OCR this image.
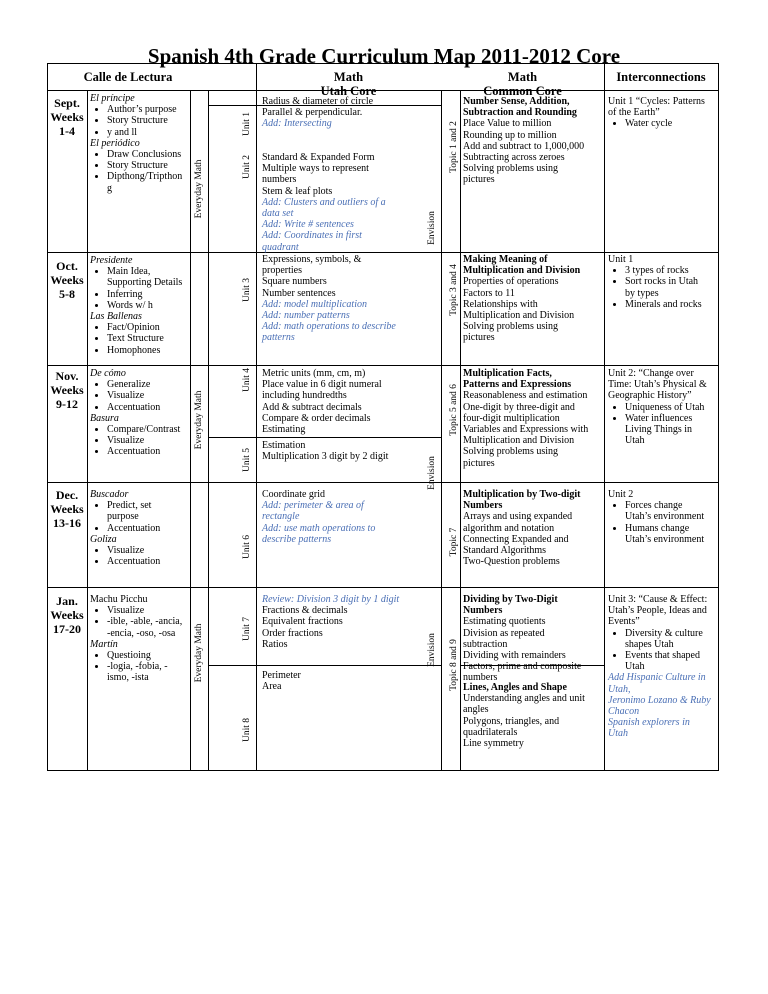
Spanish 4th Grade Curriculum Map 2011-2012 Core
Calle de Lectura	Math
Utah Core
Math
Common Core
Interconnections
Sept.
Weeks
1-4
Oct.
Weeks
5-8
Nov.
Weeks
9-12
Dec.
Weeks
13-16
Jan.
Weeks
17-20
El príncipe
• Author’s purpose
• Story Structure
• y and ll
El periódico
• Draw Conclusions
• Story Structure
• Dipthong/Tripthon
g
Presidente
• Main Idea,
Supporting Details
• Inferring
• Words w/ h
Las Ballenas
• Fact/Opinion
• Text Structure
• Homophones
De cómo
• Generalize
• Visualize
• Accentuation
Basura
• Compare/Contrast
• Visualize
• Accentuation
Buscador
• Predict, set
purpose
• Accentuation
Goliza
• Visualize
• Accentuation
Machu Picchu
• Visualize
• -ible, -able, -ancia,
-encia, -oso, -osa
Martín
• Questioing
• -logia, -fobia, -
ismo, -ista
Everyday Math
Everyday Math
Everyday Math
Unit 1
Unit 2
Unit 3
Unit 4
Unit 5
Unit 6
Unit 7
Unit 8
Radius & diameter of circle
Parallel & perpendicular.
Add: Intersecting
Standard & Expanded Form
Multiple ways to represent
numbers
Stem & leaf plots
Add: Clusters and outliers of a
data set
Add: Write # sentences
Add: Coordinates in first
quadrant
Expressions, symbols, &
properties
Square numbers
Number sentences
Add: model multiplication
Add: number patterns
Add: math operations to describe
patterns
Metric units (mm, cm, m)
Place value in 6 digit numeral
including hundredths
Add & subtract decimals
Compare & order decimals
Estimating
Estimation
Multiplication 3 digit by 2 digit
Coordinate grid
Add: perimeter & area of
rectangle
Add: use math operations to
describe patterns
Review: Division 3 digit by 1 digit
Fractions & decimals
Equivalent fractions
Order fractions
Ratios
Perimeter
Area
Envision
Envision
Envision
Topic 1 and 2
Topic 3 and 4
Topic 5 and 6
Topic 7
Topic 8 and 9
Number Sense, Addition,
Subtraction and Rounding
Place Value to million
Rounding up to million
Add and subtract to 1,000,000
Subtracting across zeroes
Solving problems using
pictures
Making Meaning of
Multiplication and Division
Properties of operations
Factors to 11
Relationships with
Multiplication and Division
Solving problems using
pictures
Multiplication Facts,
Patterns and Expressions
Reasonableness and estimation
One-digit by three-digit and
four-digit multiplication
Variables and Expressions with
Multiplication and Division
Solving problems using
pictures
Multiplication by Two-digit
Numbers
Arrays and using expanded
algorithm and notation
Connecting Expanded and
Standard Algorithms
Two-Question problems
Dividing by Two-Digit
Numbers
Estimating quotients
Division as repeated
subtraction
Dividing with remainders
Factors, prime and composite
numbers
Lines, Angles and Shape
Understanding angles and unit
angles
Polygons, triangles, and
quadrilaterals
Line symmetry
Unit 1 “Cycles: Patterns
of the Earth”
• Water cycle
Unit 1
• 3 types of rocks
• Sort rocks in Utah
by types
• Minerals and rocks
Unit 2: “Change over
Time: Utah’s Physical &
Geographic History”
• Uniqueness of Utah
• Water influences
Living Things in
Utah
Unit 2
• Forces change
Utah’s environment
• Humans change
Utah’s environment
Unit 3: “Cause & Effect:
Utah’s People, Ideas and
Events”
• Diversity & culture
shapes Utah
• Events that shaped
Utah
Add Hispanic Culture in
Utah,
Jeronimo Lozano & Ruby
Chacon
Spanish explorers in
Utah
